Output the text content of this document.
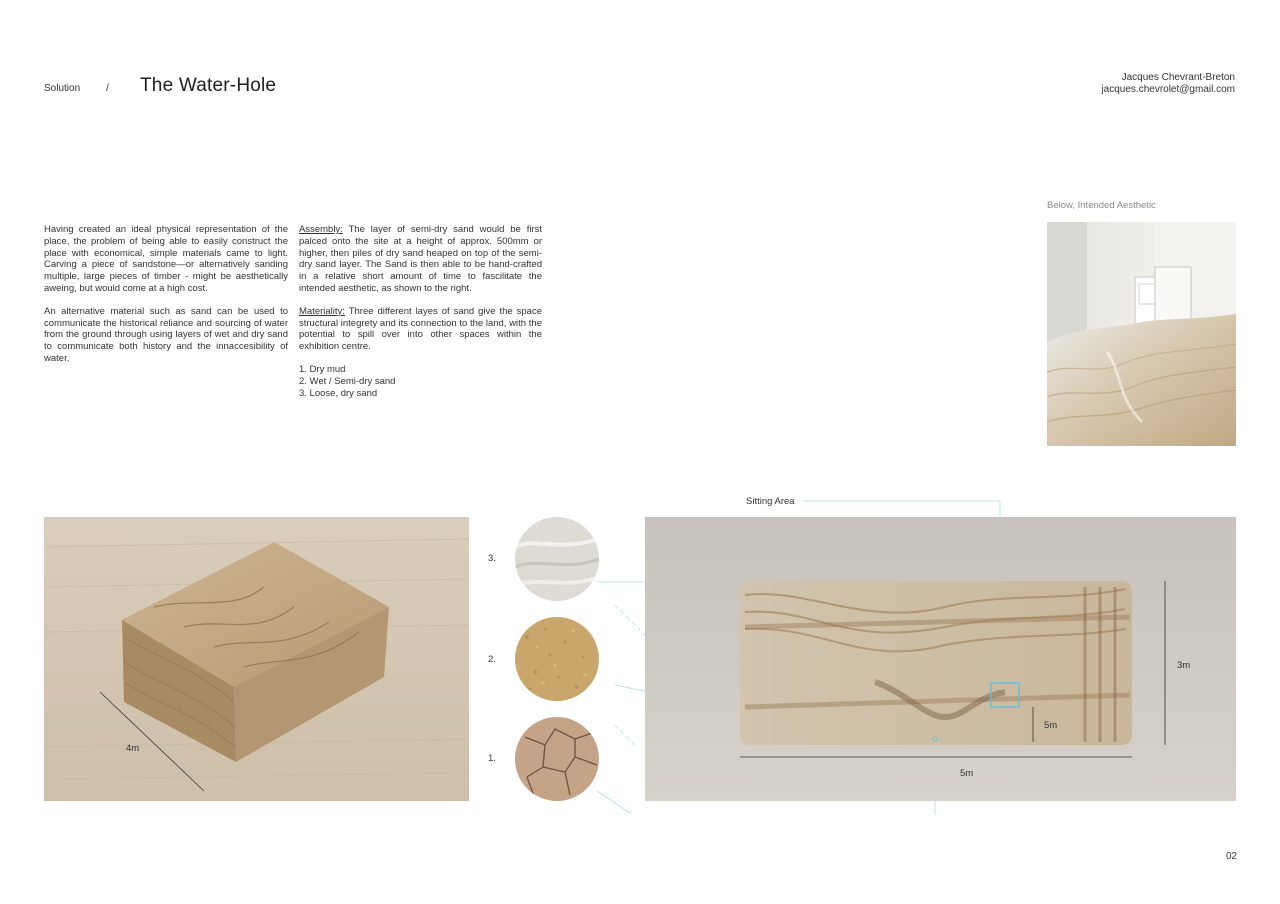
Solution	/ The Water-Hole	Jacques Chevrant-Breton
jacques.chevrolet@gmail.com

Having created an ideal physical representation of the place, the problem of being able to easily construct the place with economical, simple materials came to light. Carving a piece of sandstone—or alternatively sanding multiple, large pieces of timber - might be aesthetically aweing, but would come at a high cost.

An alternative material such as sand can be used to communicate the historical reliance and sourcing of water from the ground through using layers of wet and dry sand to communicate both history and the innaccesibility of water.

Assembly: The layer of semi-dry sand would be first palced onto the site at a height of approx. 500mm or higher, then piles of dry sand heaped on top of the semi-dry sand layer. The Sand is then able to be hand-crafted in a relative short amount of time to fascilitate the intended aesthetic, as shown to the right.

Materiality: Three different layes of sand give the space structural integrety and its connection to the land, with the potential to spill over into other spaces within the exhibition centre.

1. Dry mud
2. Wet / Semi-dry sand
3. Loose, dry sand
Below, Intended Aesthetic
4m
3.
2.
1.
3m
5m
5m
Sitting Area
02
